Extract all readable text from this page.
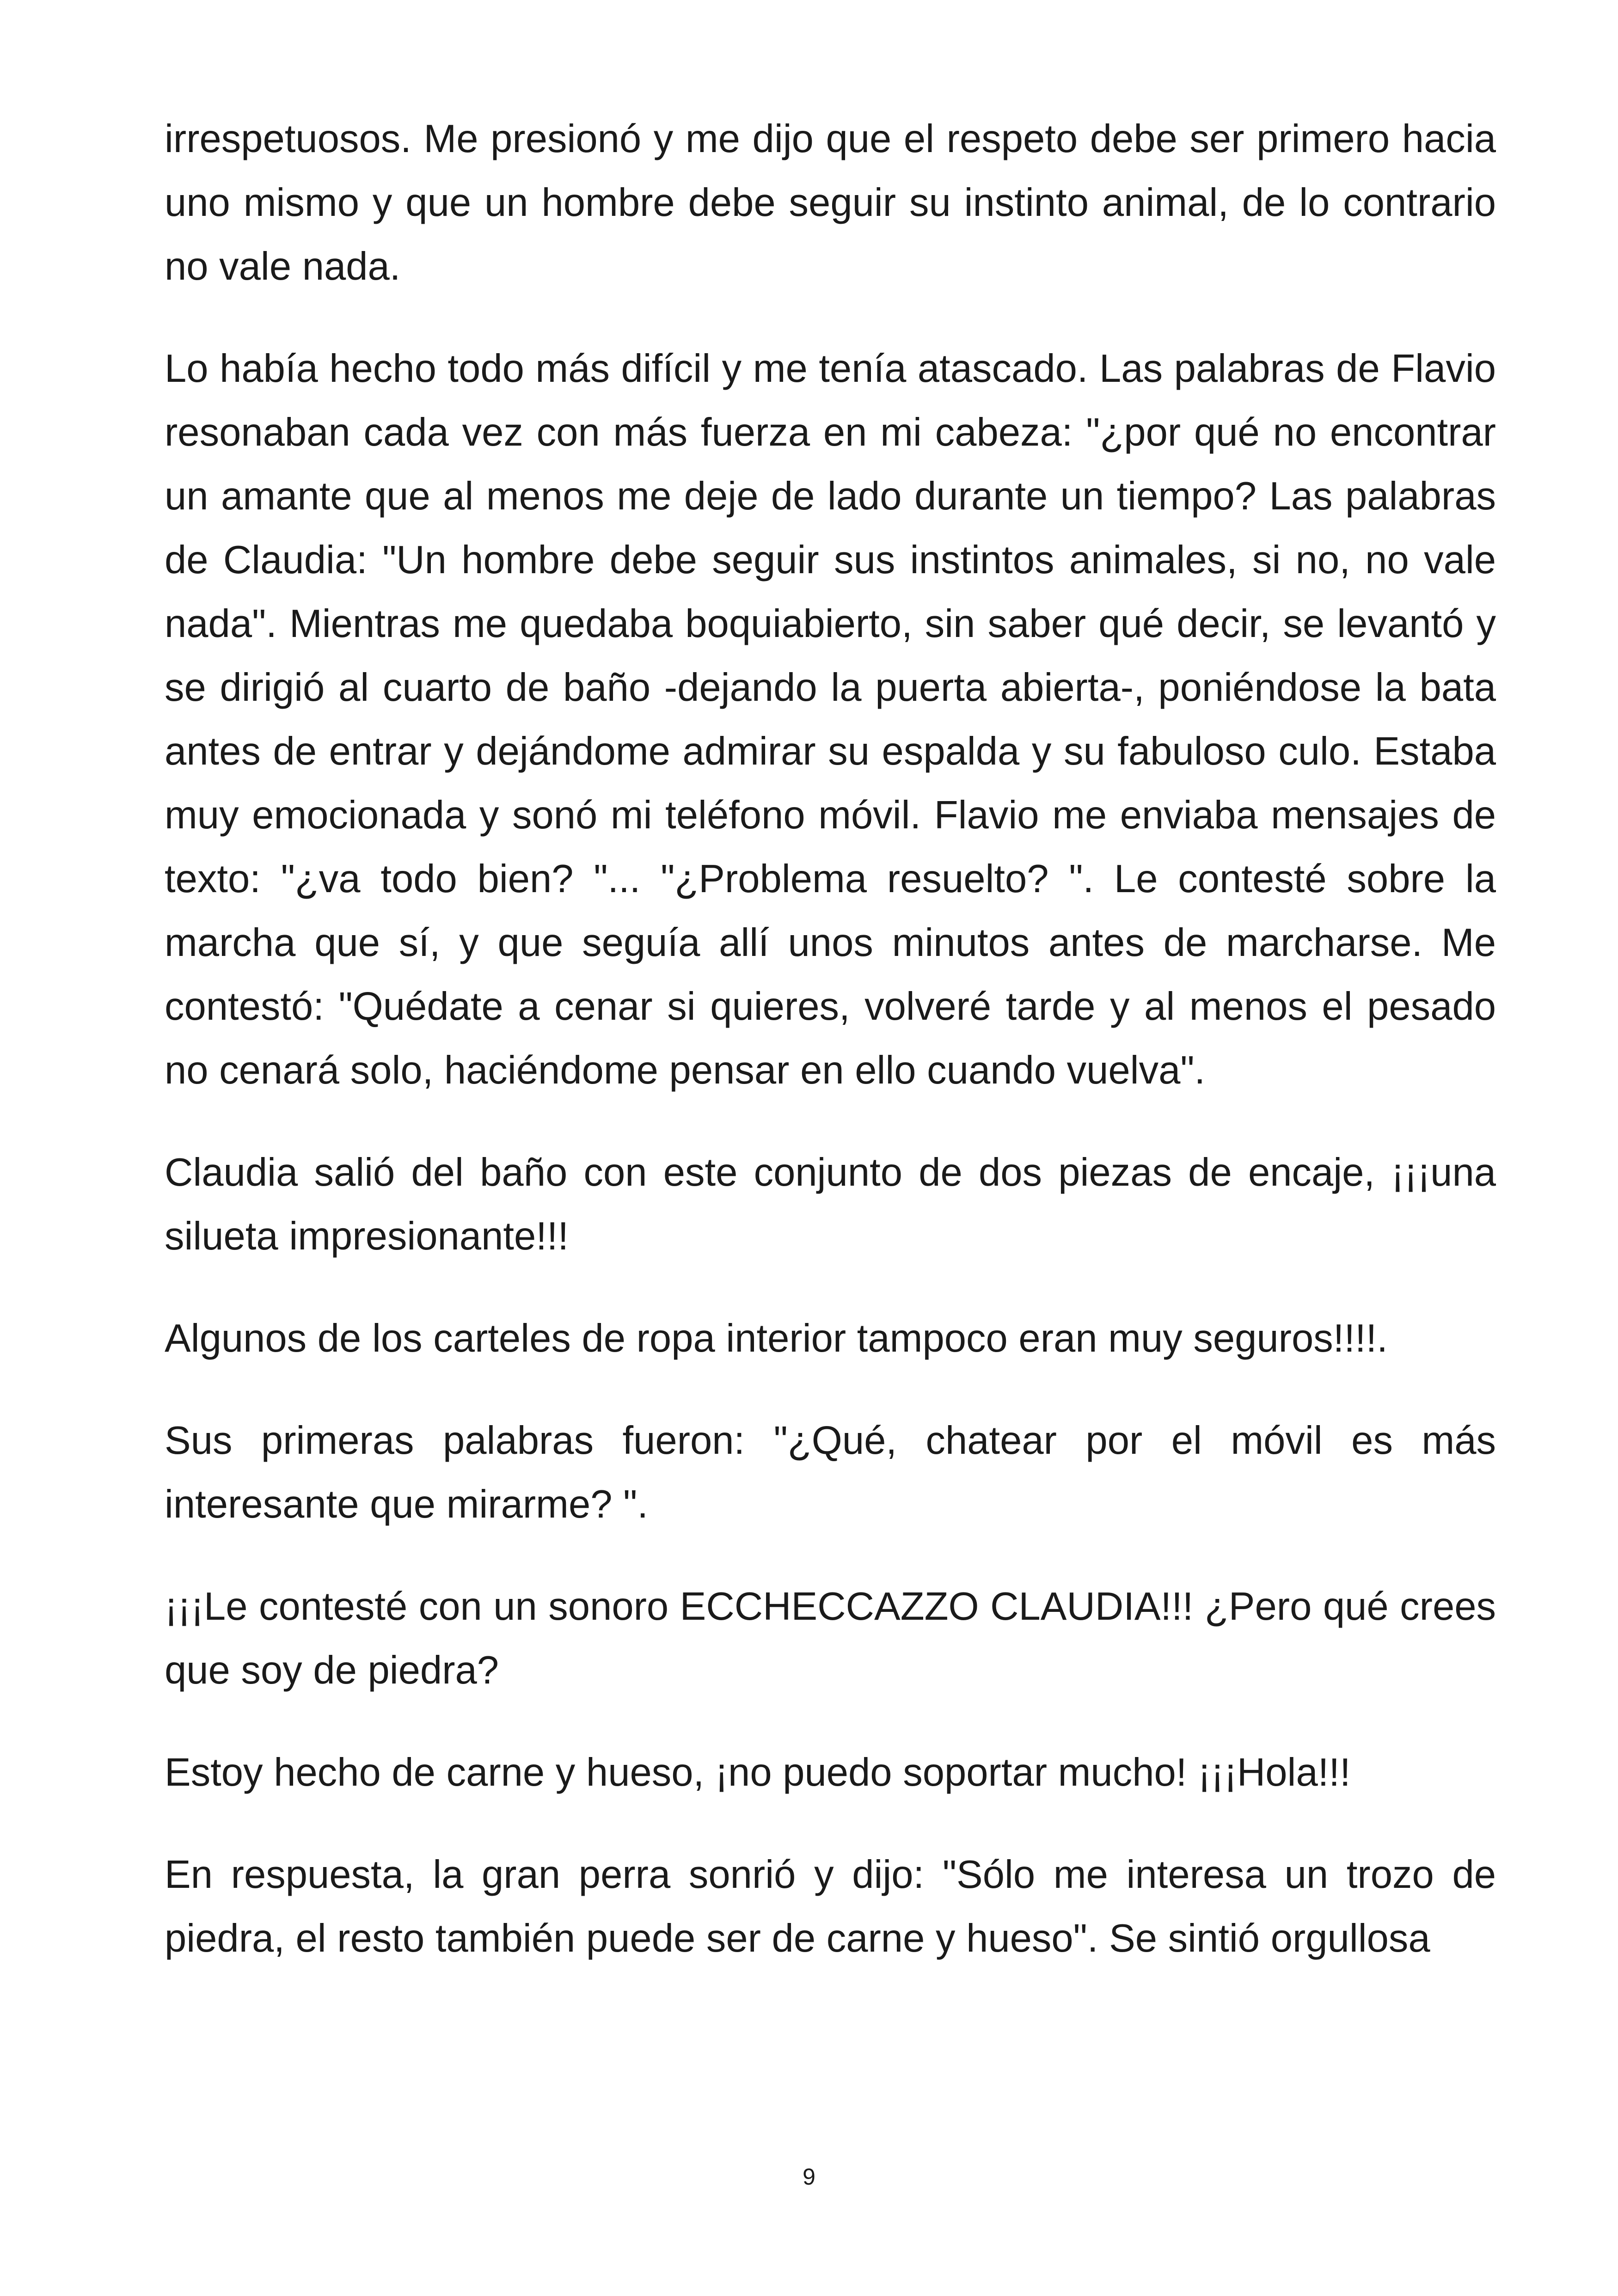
irrespetuosos. Me presionó y me dijo que el respeto debe ser primero hacia uno mismo y que un hombre debe seguir su instinto animal, de lo contrario no vale nada.

Lo había hecho todo más difícil y me tenía atascado. Las palabras de Flavio resonaban cada vez con más fuerza en mi cabeza: "¿por qué no encontrar un amante que al menos me deje de lado durante un tiempo? Las palabras de Claudia: "Un hombre debe seguir sus instintos animales, si no, no vale nada". Mientras me quedaba boquiabierto, sin saber qué decir, se levantó y se dirigió al cuarto de baño -dejando la puerta abierta-, poniéndose la bata antes de entrar y dejándome admirar su espalda y su fabuloso culo. Estaba muy emocionada y sonó mi teléfono móvil. Flavio me enviaba mensajes de texto: "¿va todo bien? "... "¿Problema resuelto? ". Le contesté sobre la marcha que sí, y que seguía allí unos minutos antes de marcharse. Me contestó: "Quédate a cenar si quieres, volveré tarde y al menos el pesado no cenará solo, haciéndome pensar en ello cuando vuelva".

Claudia salió del baño con este conjunto de dos piezas de encaje, ¡¡¡una silueta impresionante!!!

Algunos de los carteles de ropa interior tampoco eran muy seguros!!!!.

Sus primeras palabras fueron: "¿Qué, chatear por el móvil es más interesante que mirarme? ".

¡¡¡Le contesté con un sonoro ECCHECCAZZO CLAUDIA!!! ¿Pero qué crees que soy de piedra?

Estoy hecho de carne y hueso, ¡no puedo soportar mucho! ¡¡¡Hola!!!

En respuesta, la gran perra sonrió y dijo: "Sólo me interesa un trozo de piedra, el resto también puede ser de carne y hueso". Se sintió orgullosa

9
